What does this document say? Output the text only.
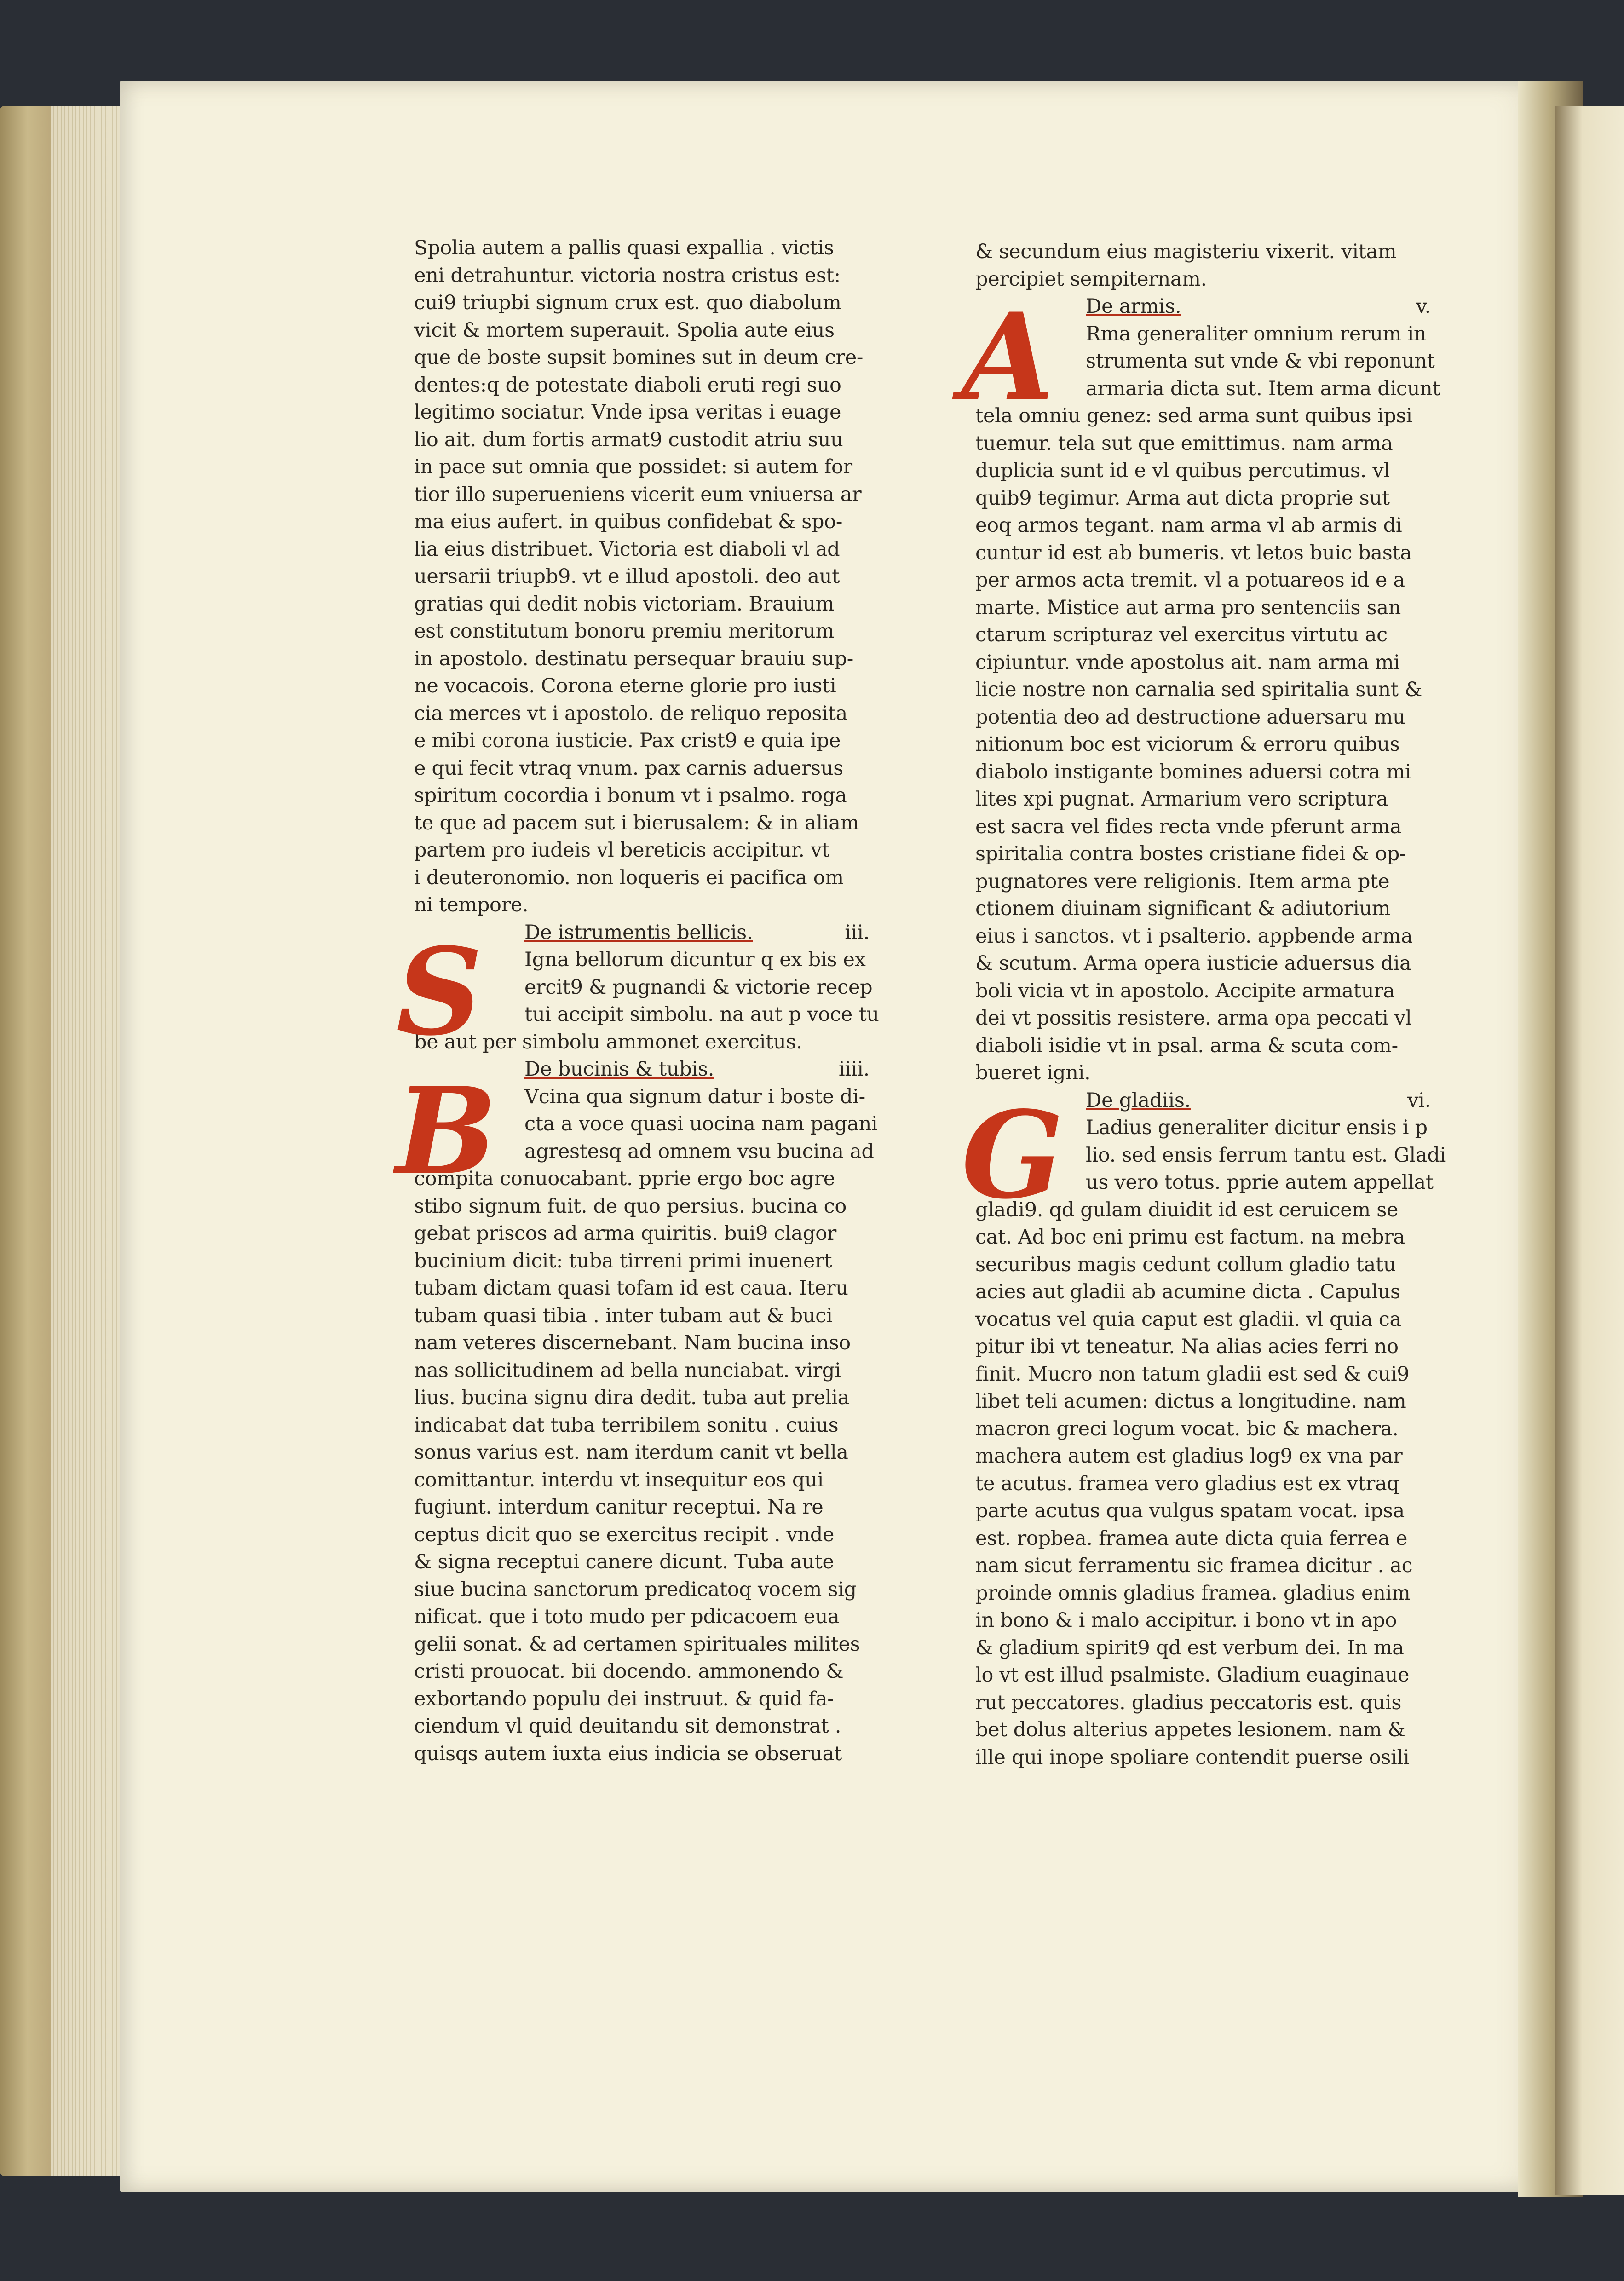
Spolia autem a pallis quasi expallia . victis
eni detrahuntur. victoria nostra cristus est:
cui9 triupbi signum crux est. quo diabolum
vicit & mortem superauit. Spolia aute eius
que de boste supsit bomines sut in deum cre-
dentes:q de potestate diaboli eruti regi suo
legitimo sociatur. Vnde ipsa veritas i euage
lio ait. dum fortis armat9 custodit atriu suu
in pace sut omnia que possidet: si autem for
tior illo superueniens vicerit eum vniuersa ar
ma eius aufert. in quibus confidebat & spo-
lia eius distribuet. Victoria est diaboli vl ad
uersarii triupb9. vt e illud apostoli. deo aut
gratias qui dedit nobis victoriam. Brauium
est constitutum bonoru premiu meritorum
in apostolo. destinatu persequar brauiu sup-
ne vocacois. Corona eterne glorie pro iusti
cia merces vt i apostolo. de reliquo reposita
e mibi corona iusticie. Pax crist9 e quia ipe
e qui fecit vtraq vnum. pax carnis aduersus
spiritum cocordia i bonum vt i psalmo. roga
te que ad pacem sut i bierusalem: & in aliam
partem pro iudeis vl bereticis accipitur. vt
i deuteronomio. non loqueris ei pacifica om
ni tempore.
De istrumentis bellicis.	iii.
S	Igna bellorum dicuntur q ex bis ex
ercit9 & pugnandi & victorie recep
tui accipit simbolu. na aut p voce tu
be aut per simbolu ammonet exercitus.
De bucinis & tubis.	iiii.
B	Vcina qua signum datur i boste di-
cta a voce quasi uocina nam pagani
agrestesq ad omnem vsu bucina ad
compita conuocabant. pprie ergo boc agre
stibo signum fuit. de quo persius. bucina co
gebat priscos ad arma quiritis. bui9 clagor
bucinium dicit: tuba tirreni primi inuenert
tubam dictam quasi tofam id est caua. Iteru
tubam quasi tibia . inter tubam aut & buci
nam veteres discernebant. Nam bucina inso
nas sollicitudinem ad bella nunciabat. virgi
lius. bucina signu dira dedit. tuba aut prelia
indicabat dat tuba terribilem sonitu . cuius
sonus varius est. nam iterdum canit vt bella
comittantur. interdu vt insequitur eos qui
fugiunt. interdum canitur receptui. Na re
ceptus dicit quo se exercitus recipit . vnde
& signa receptui canere dicunt. Tuba aute
siue bucina sanctorum predicatoq vocem sig
nificat. que i toto mudo per pdicacoem eua
gelii sonat. & ad certamen spirituales milites
cristi prouocat. bii docendo. ammonendo &
exbortando populu dei instruut. & quid fa-
ciendum vl quid deuitandu sit demonstrat .
quisqs autem iuxta eius indicia se obseruat
& secundum eius magisteriu vixerit. vitam
percipiet sempiternam.
De armis.	v.
A	Rma generaliter omnium rerum in
strumenta sut vnde & vbi reponunt
armaria dicta sut. Item arma dicunt
tela omniu genez: sed arma sunt quibus ipsi
tuemur. tela sut que emittimus. nam arma
duplicia sunt id e vl quibus percutimus. vl
quib9 tegimur. Arma aut dicta proprie sut
eoq armos tegant. nam arma vl ab armis di
cuntur id est ab bumeris. vt letos buic basta
per armos acta tremit. vl a potuareos id e a
marte. Mistice aut arma pro sentenciis san
ctarum scripturaz vel exercitus virtutu ac
cipiuntur. vnde apostolus ait. nam arma mi
licie nostre non carnalia sed spiritalia sunt &
potentia deo ad destructione aduersaru mu
nitionum boc est viciorum & erroru quibus
diabolo instigante bomines aduersi cotra mi
lites xpi pugnat. Armarium vero scriptura
est sacra vel fides recta vnde pferunt arma
spiritalia contra bostes cristiane fidei & op-
pugnatores vere religionis. Item arma pte
ctionem diuinam significant & adiutorium
eius i sanctos. vt i psalterio. appbende arma
& scutum. Arma opera iusticie aduersus dia
boli vicia vt in apostolo. Accipite armatura
dei vt possitis resistere. arma opa peccati vl
diaboli isidie vt in psal. arma & scuta com-
bueret igni.
De gladiis.	vi.
G	Ladius generaliter dicitur ensis i p
lio. sed ensis ferrum tantu est. Gladi
us vero totus. pprie autem appellat
gladi9. qd gulam diuidit id est ceruicem se
cat. Ad boc eni primu est factum. na mebra
securibus magis cedunt collum gladio tatu
acies aut gladii ab acumine dicta . Capulus
vocatus vel quia caput est gladii. vl quia ca
pitur ibi vt teneatur. Na alias acies ferri no
finit. Mucro non tatum gladii est sed & cui9
libet teli acumen: dictus a longitudine. nam
macron greci logum vocat. bic & machera.
machera autem est gladius log9 ex vna par
te acutus. framea vero gladius est ex vtraq
parte acutus qua vulgus spatam vocat. ipsa
est. ropbea. framea aute dicta quia ferrea e
nam sicut ferramentu sic framea dicitur . ac
proinde omnis gladius framea. gladius enim
in bono & i malo accipitur. i bono vt in apo
& gladium spirit9 qd est verbum dei. In ma
lo vt est illud psalmiste. Gladium euaginaue
rut peccatores. gladius peccatoris est. quis
bet dolus alterius appetes lesionem. nam &
ille qui inope spoliare contendit puerse osili
